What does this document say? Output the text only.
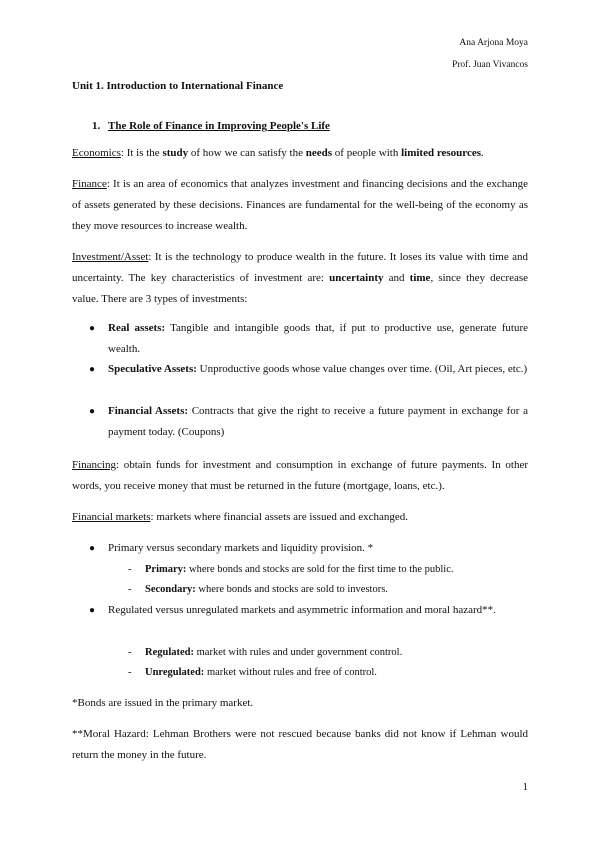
Ana Arjona Moya
Prof. Juan Vivancos
Unit 1. Introduction to International Finance
1. The Role of Finance in Improving People's Life
Economics: It is the study of how we can satisfy the needs of people with limited resources.
Finance: It is an area of economics that analyzes investment and financing decisions and the exchange of assets generated by these decisions. Finances are fundamental for the well-being of the economy as they move resources to increase wealth.
Investment/Asset: It is the technology to produce wealth in the future. It loses its value with time and uncertainty. The key characteristics of investment are: uncertainty and time, since they decrease value. There are 3 types of investments:
● Real assets: Tangible and intangible goods that, if put to productive use, generate future wealth.
● Speculative Assets: Unproductive goods whose value changes over time. (Oil, Art pieces, etc.)
● Financial Assets: Contracts that give the right to receive a future payment in exchange for a payment today. (Coupons)
Financing: obtain funds for investment and consumption in exchange of future payments. In other words, you receive money that must be returned in the future (mortgage, loans, etc.).
Financial markets: markets where financial assets are issued and exchanged.
● Primary versus secondary markets and liquidity provision. *
- Primary: where bonds and stocks are sold for the first time to the public.
- Secondary: where bonds and stocks are sold to investors.
● Regulated versus unregulated markets and asymmetric information and moral hazard**.
- Regulated: market with rules and under government control.
- Unregulated: market without rules and free of control.
*Bonds are issued in the primary market.
**Moral Hazard: Lehman Brothers were not rescued because banks did not know if Lehman would return the money in the future.
1
